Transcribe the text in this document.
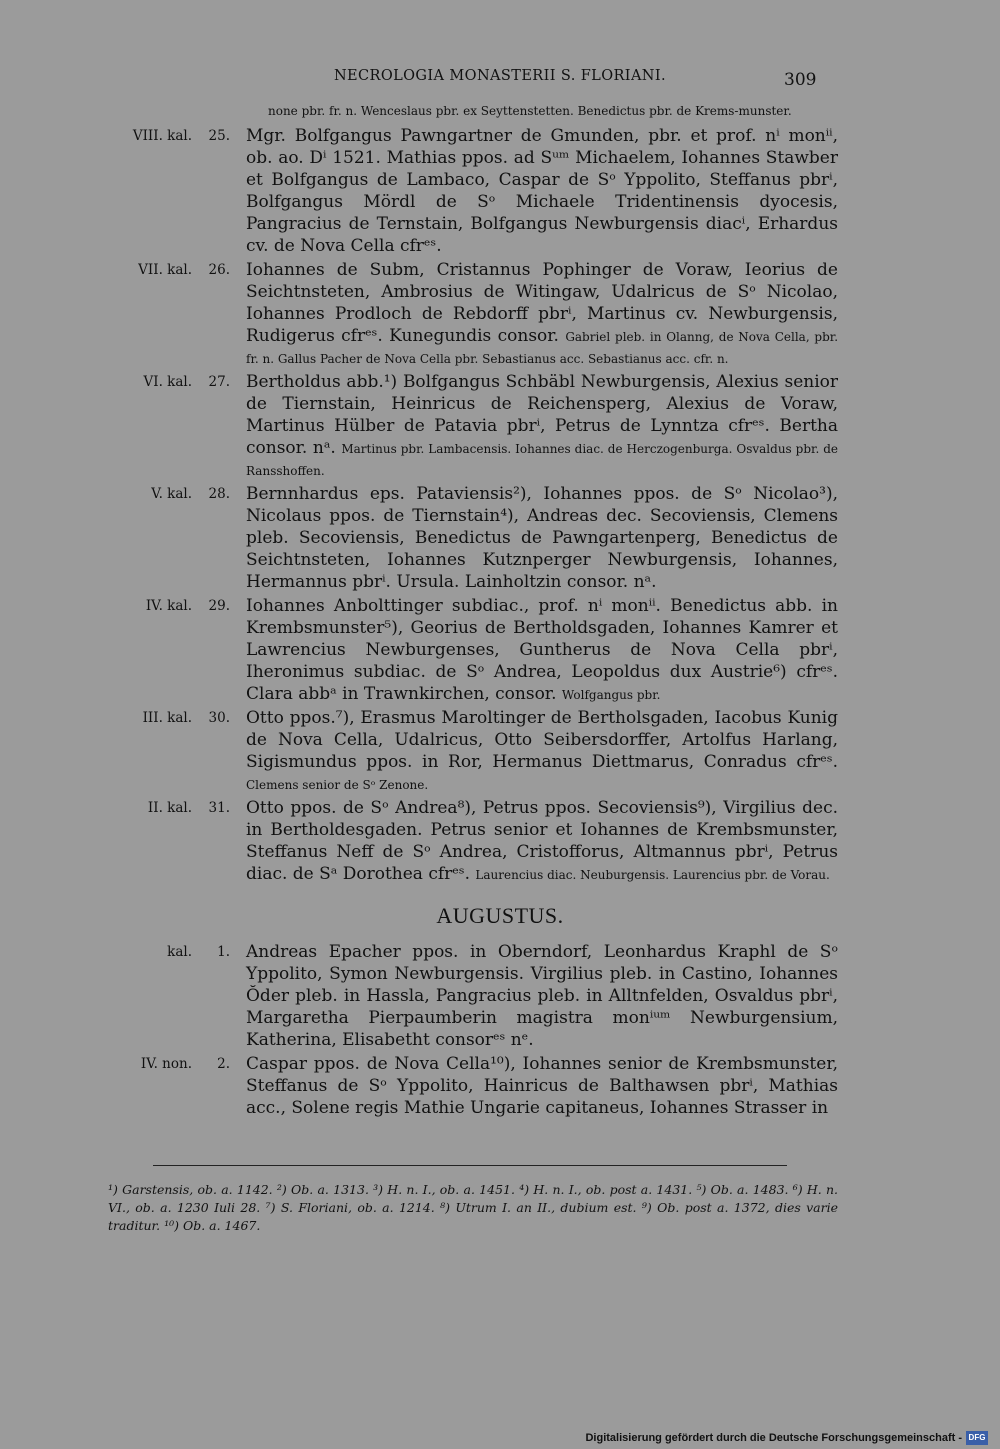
NECROLOGIA MONASTERII S. FLORIANI.	309
none pbr. fr. n. Wenceslaus pbr. ex Seyttenstetten. Benedictus pbr. de Krems-munster.
VIII. kal.	25. Mgr. Bolfgangus Pawngartner de Gmunden, pbr. et prof. nⁱ monⁱⁱ, ob. ao. Dⁱ 1521. Mathias ppos. ad Sᵘᵐ Michaelem, Iohannes Stawber et Bolfgangus de Lambaco, Caspar de Sᵒ Yppolito, Steffanus pbrⁱ, Bolfgangus Mördl de Sᵒ Michaele Tridentinensis dyocesis, Pangracius de Ternstain, Bolfgangus Newburgensis diacⁱ, Erhardus cv. de Nova Cella cfrᵉˢ.
VII. kal.	26. Iohannes de Subm, Cristannus Pophinger de Voraw, Ieorius de Seichtnsteten, Ambrosius de Witingaw, Udalricus de Sᵒ Nicolao, Iohannes Prodloch de Rebdorff pbrⁱ, Martinus cv. Newburgensis, Rudigerus cfrᵉˢ. Kunegundis consor. Gabriel pleb. in Olanng, de Nova Cella, pbr. fr. n. Gallus Pacher de Nova Cella pbr. Sebastianus acc. Sebastianus acc. cfr. n.
VI. kal.	27. Bertholdus abb.¹) Bolfgangus Schbäbl Newburgensis, Alexius senior de Tiernstain, Heinricus de Reichensperg, Alexius de Voraw, Martinus Hülber de Patavia pbrⁱ, Petrus de Lynntza cfrᵉˢ. Bertha consor. nᵃ. Martinus pbr. Lambacensis. Iohannes diac. de Herczogenburga. Osvaldus pbr. de Ransshoffen.
V. kal.	28. Bernnhardus eps. Pataviensis²), Iohannes ppos. de Sᵒ Nicolao³), Nicolaus ppos. de Tiernstain⁴), Andreas dec. Secoviensis, Clemens pleb. Secoviensis, Benedictus de Pawngartenperg, Benedictus de Seichtnsteten, Iohannes Kutznperger Newburgensis, Iohannes, Hermannus pbrⁱ. Ursula. Lainholtzin consor. nᵃ.
IV. kal.	29. Iohannes Anbolttinger subdiac., prof. nⁱ monⁱⁱ. Benedictus abb. in Krembsmunster⁵), Georius de Bertholdsgaden, Iohannes Kamrer et Lawrencius Newburgenses, Guntherus de Nova Cella pbrⁱ, Iheronimus subdiac. de Sᵒ Andrea, Leopoldus dux Austrie⁶) cfrᵉˢ. Clara abbᵃ in Trawnkirchen, consor. Wolfgangus pbr.
III. kal.	30. Otto ppos.⁷), Erasmus Maroltinger de Bertholsgaden, Iacobus Kunig de Nova Cella, Udalricus, Otto Seibersdorffer, Artolfus Harlang, Sigismundus ppos. in Ror, Hermanus Diettmarus, Conradus cfrᵉˢ. Clemens senior de Sᵒ Zenone.
II. kal.	31. Otto ppos. de Sᵒ Andrea⁸), Petrus ppos. Secoviensis⁹), Virgilius dec. in Bertholdesgaden. Petrus senior et Iohannes de Krembsmunster, Steffanus Neff de Sᵒ Andrea, Cristofforus, Altmannus pbrⁱ, Petrus diac. de Sᵃ Dorothea cfrᵉˢ. Laurencius diac. Neuburgensis. Laurencius pbr. de Vorau.
AUGUSTUS.
kal.	1. Andreas Epacher ppos. in Oberndorf, Leonhardus Kraphl de Sᵒ Yppolito, Symon Newburgensis. Virgilius pleb. in Castino, Iohannes Ŏder pleb. in Hassla, Pangracius pleb. in Alltnfelden, Osvaldus pbrⁱ, Margaretha Pierpaumberin magistra monⁱᵘᵐ Newburgensium, Katherina, Elisabetht consorᵉˢ nᵉ.
IV. non.	2. Caspar ppos. de Nova Cella¹⁰), Iohannes senior de Krembsmunster, Steffanus de Sᵒ Yppolito, Hainricus de Balthawsen pbrⁱ, Mathias acc., Solene regis Mathie Ungarie capitaneus, Iohannes Strasser in
¹) Garstensis, ob. a. 1142. ²) Ob. a. 1313. ³) H. n. I., ob. a. 1451. ⁴) H. n. I., ob. post a. 1431. ⁵) Ob. a. 1483. ⁶) H. n. VI., ob. a. 1230 Iuli 28. ⁷) S. Floriani, ob. a. 1214. ⁸) Utrum I. an II., dubium est. ⁹) Ob. post a. 1372, dies varie traditur. ¹⁰) Ob. a. 1467.
Digitalisierung gefördert durch die Deutsche Forschungsgemeinschaft - DFG
